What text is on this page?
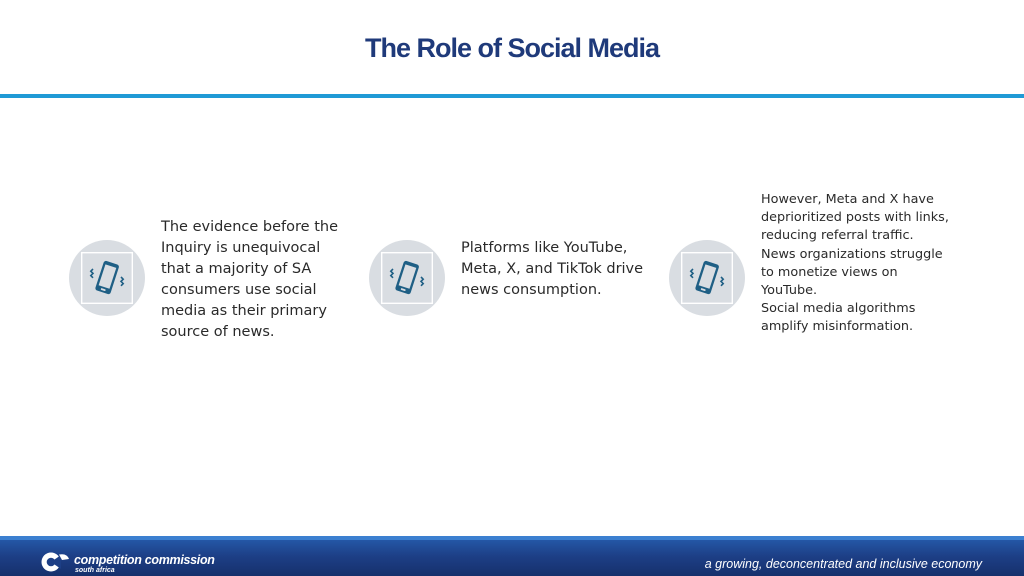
The Role of Social Media

The evidence before the Inquiry is unequivocal that a majority of SA consumers use social media as their primary source of news.

Platforms like YouTube, Meta, X, and TikTok drive news consumption.

However, Meta and X have deprioritized posts with links, reducing referral traffic.

News organizations struggle to monetize views on YouTube.

Social media algorithms amplify misinformation.

competition commission
south africa	a growing, deconcentrated and inclusive economy
